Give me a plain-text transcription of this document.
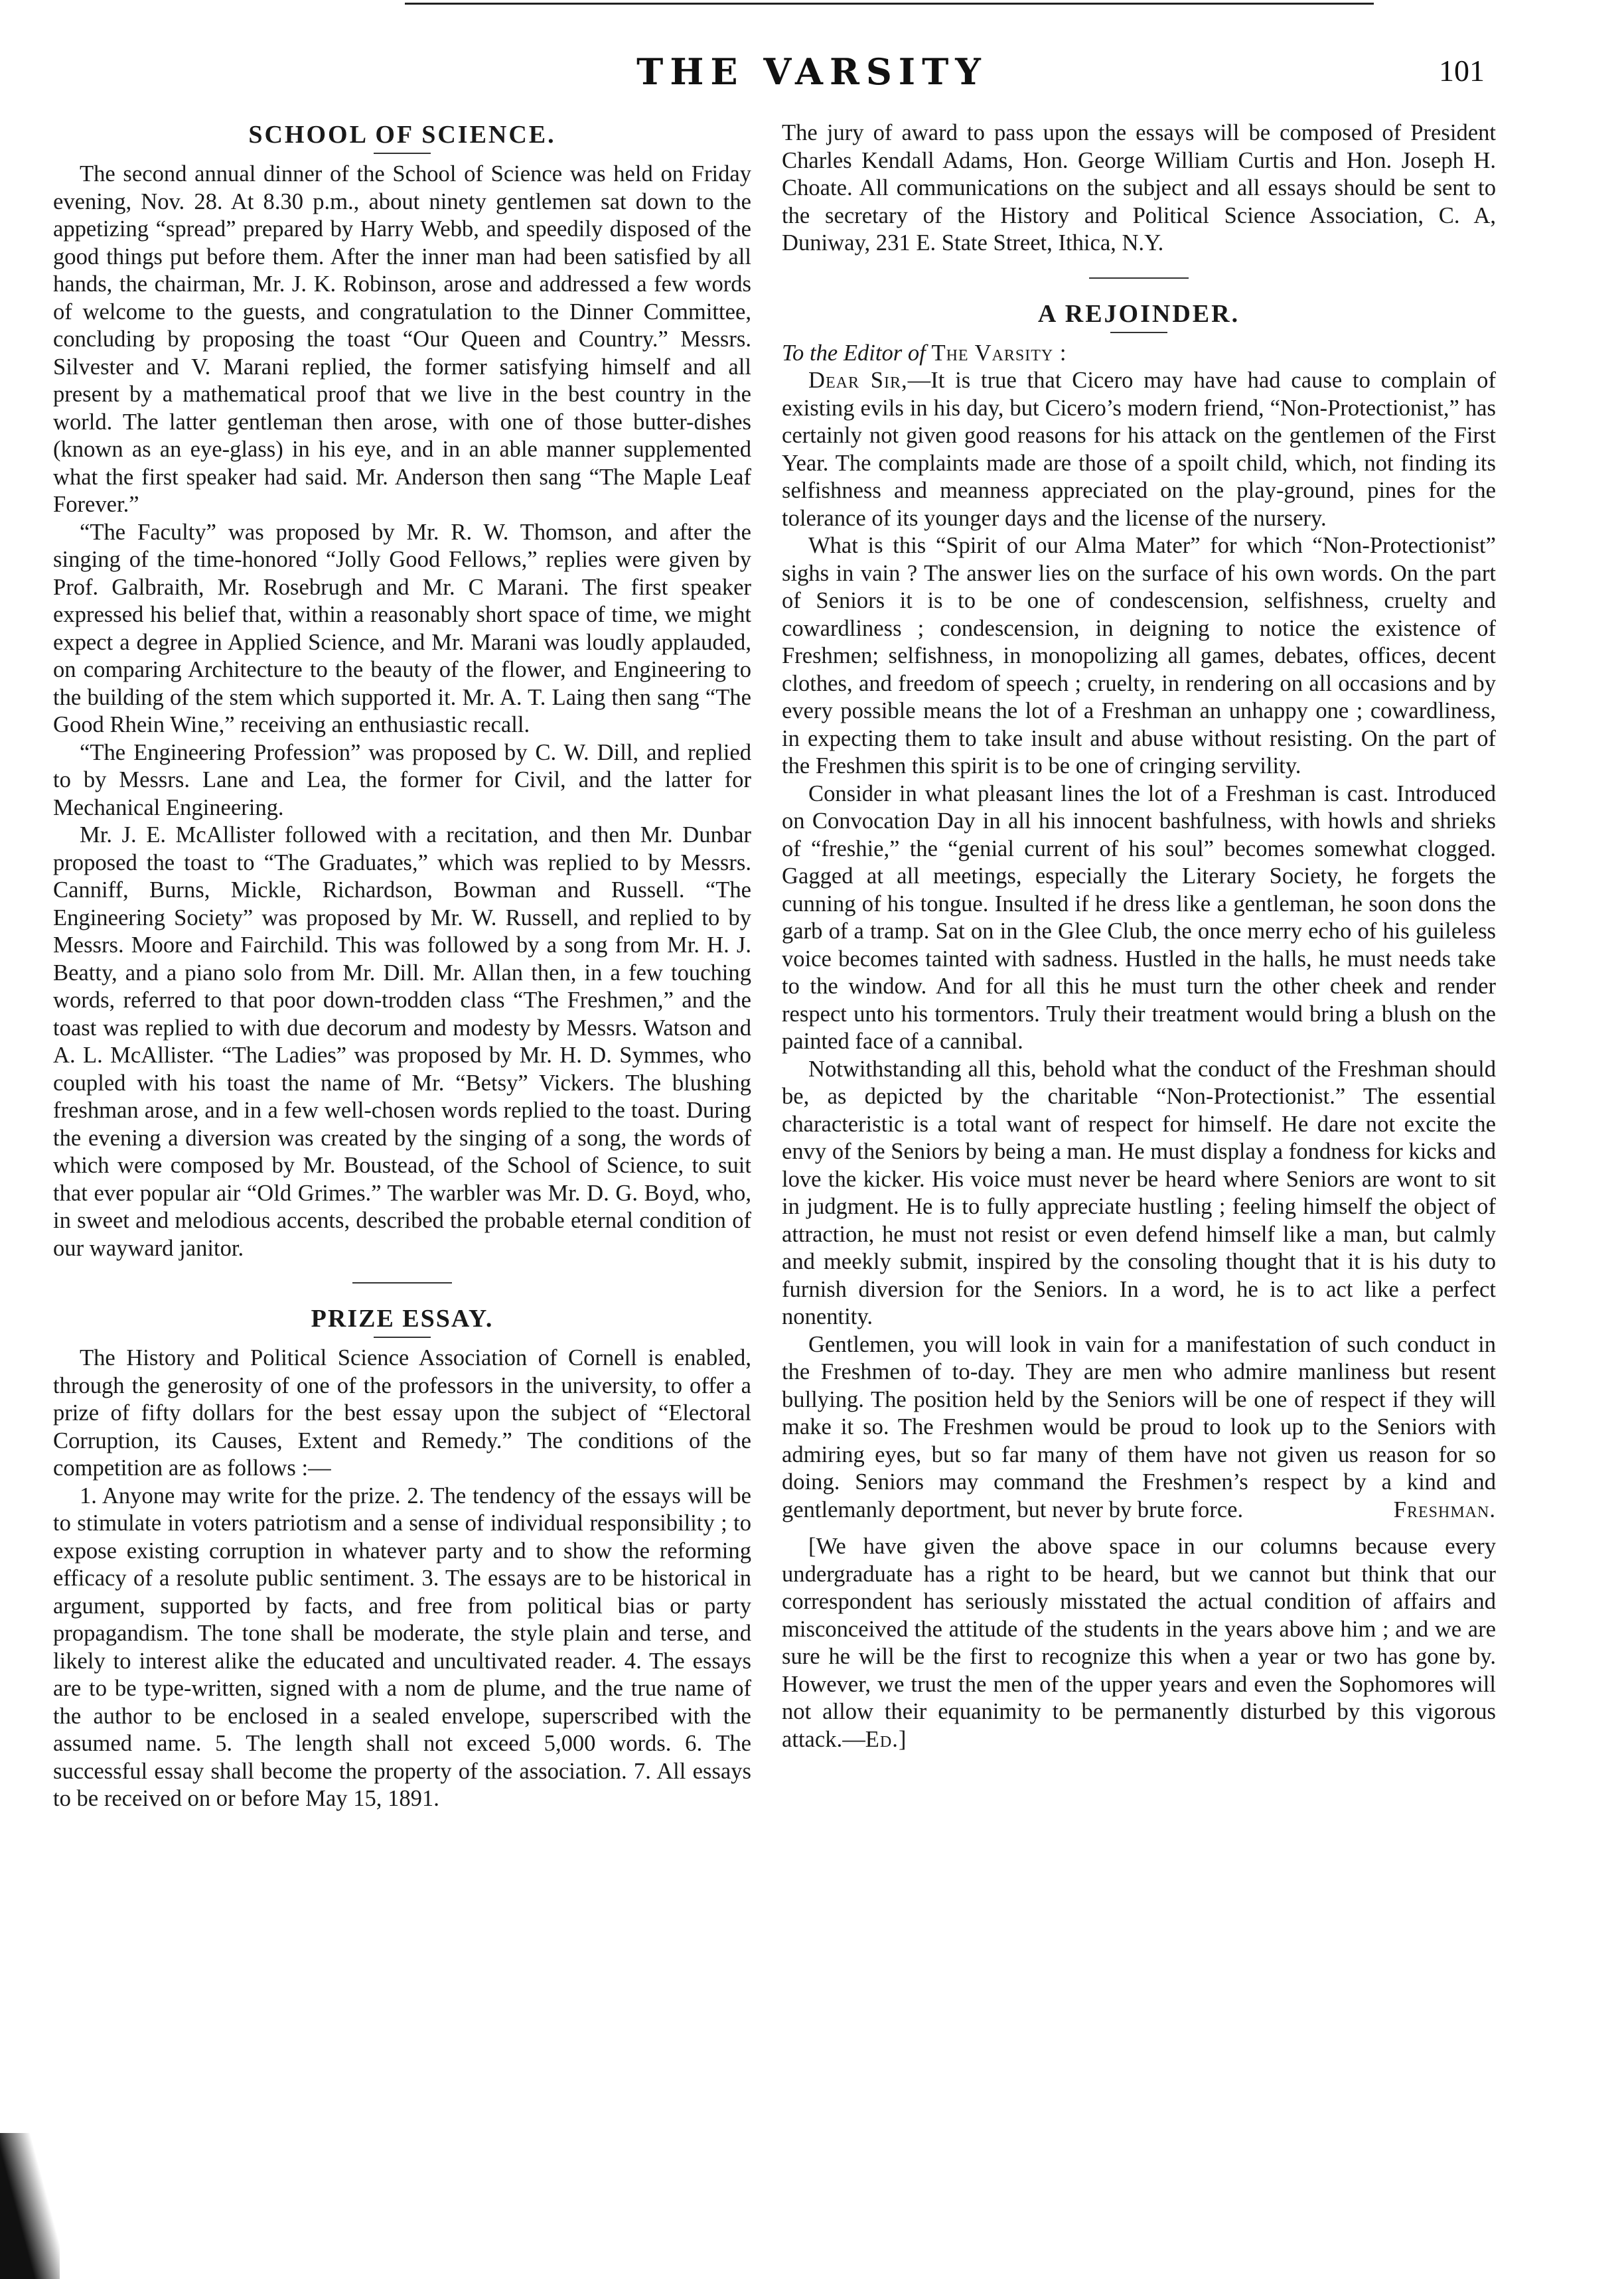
THE VARSITY	101
SCHOOL OF SCIENCE.

The second annual dinner of the School of Science was held on Friday evening, Nov. 28. At 8.30 p.m., about ninety gentlemen sat down to the appetizing “spread” prepared by Harry Webb, and speedily disposed of the good things put before them. After the inner man had been satisfied by all hands, the chairman, Mr. J. K. Robinson, arose and addressed a few words of welcome to the guests, and congratulation to the Dinner Committee, concluding by proposing the toast “Our Queen and Country.” Messrs. Silvester and V. Marani replied, the former satisfying himself and all present by a mathematical proof that we live in the best country in the world. The latter gentleman then arose, with one of those butter-dishes (known as an eye-glass) in his eye, and in an able manner supplemented what the first speaker had said. Mr. Anderson then sang “The Maple Leaf Forever.”

“The Faculty” was proposed by Mr. R. W. Thomson, and after the singing of the time-honored “Jolly Good Fellows,” replies were given by Prof. Galbraith, Mr. Rosebrugh and Mr. C Marani. The first speaker expressed his belief that, within a reasonably short space of time, we might expect a degree in Applied Science, and Mr. Marani was loudly applauded, on comparing Architecture to the beauty of the flower, and Engineering to the building of the stem which supported it. Mr. A. T. Laing then sang “The Good Rhein Wine,” receiving an enthusiastic recall.

“The Engineering Profession” was proposed by C. W. Dill, and replied to by Messrs. Lane and Lea, the former for Civil, and the latter for Mechanical Engineering.

Mr. J. E. McAllister followed with a recitation, and then Mr. Dunbar proposed the toast to “The Graduates,” which was replied to by Messrs. Canniff, Burns, Mickle, Richardson, Bowman and Russell. “The Engineering Society” was proposed by Mr. W. Russell, and replied to by Messrs. Moore and Fairchild. This was followed by a song from Mr. H. J. Beatty, and a piano solo from Mr. Dill. Mr. Allan then, in a few touching words, referred to that poor down-trodden class “The Freshmen,” and the toast was replied to with due decorum and modesty by Messrs. Watson and A. L. McAllister. “The Ladies” was proposed by Mr. H. D. Symmes, who coupled with his toast the name of Mr. “Betsy” Vickers. The blushing freshman arose, and in a few well-chosen words replied to the toast. During the evening a diversion was created by the singing of a song, the words of which were composed by Mr. Boustead, of the School of Science, to suit that ever popular air “Old Grimes.” The warbler was Mr. D. G. Boyd, who, in sweet and melodious accents, described the probable eternal condition of our wayward janitor.

PRIZE ESSAY.

The History and Political Science Association of Cornell is enabled, through the generosity of one of the professors in the university, to offer a prize of fifty dollars for the best essay upon the subject of “Electoral Corruption, its Causes, Extent and Remedy.” The conditions of the competition are as follows :—

1. Anyone may write for the prize. 2. The tendency of the essays will be to stimulate in voters patriotism and a sense of individual responsibility ; to expose existing corruption in whatever party and to show the reforming efficacy of a resolute public sentiment. 3. The essays are to be historical in argument, supported by facts, and free from political bias or party propagandism. The tone shall be moderate, the style plain and terse, and likely to interest alike the educated and uncultivated reader. 4. The essays are to be type-written, signed with a nom de plume, and the true name of the author to be enclosed in a sealed envelope, superscribed with the assumed name. 5. The length shall not exceed 5,000 words. 6. The successful essay shall become the property of the association. 7. All essays to be received on or before May 15, 1891.

The jury of award to pass upon the essays will be composed of President Charles Kendall Adams, Hon. George William Curtis and Hon. Joseph H. Choate. All communications on the subject and all essays should be sent to the secretary of the History and Political Science Association, C. A, Duniway, 231 E. State Street, Ithica, N.Y.

A REJOINDER.

To the Editor of The Varsity :

Dear Sir,—It is true that Cicero may have had cause to complain of existing evils in his day, but Cicero’s modern friend, “Non-Protectionist,” has certainly not given good reasons for his attack on the gentlemen of the First Year. The complaints made are those of a spoilt child, which, not finding its selfishness and meanness appreciated on the play-ground, pines for the tolerance of its younger days and the license of the nursery.

What is this “Spirit of our Alma Mater” for which “Non-Protectionist” sighs in vain ? The answer lies on the surface of his own words. On the part of Seniors it is to be one of condescension, selfishness, cruelty and cowardliness ; condescension, in deigning to notice the existence of Freshmen; selfishness, in monopolizing all games, debates, offices, decent clothes, and freedom of speech ; cruelty, in rendering on all occasions and by every possible means the lot of a Freshman an unhappy one ; cowardliness, in expecting them to take insult and abuse without resisting. On the part of the Freshmen this spirit is to be one of cringing servility.

Consider in what pleasant lines the lot of a Freshman is cast. Introduced on Convocation Day in all his innocent bashfulness, with howls and shrieks of “freshie,” the “genial current of his soul” becomes somewhat clogged. Gagged at all meetings, especially the Literary Society, he forgets the cunning of his tongue. Insulted if he dress like a gentleman, he soon dons the garb of a tramp. Sat on in the Glee Club, the once merry echo of his guileless voice becomes tainted with sadness. Hustled in the halls, he must needs take to the window. And for all this he must turn the other cheek and render respect unto his tormentors. Truly their treatment would bring a blush on the painted face of a cannibal.

Notwithstanding all this, behold what the conduct of the Freshman should be, as depicted by the charitable “Non-Protectionist.” The essential characteristic is a total want of respect for himself. He dare not excite the envy of the Seniors by being a man. He must display a fondness for kicks and love the kicker. His voice must never be heard where Seniors are wont to sit in judgment. He is to fully appreciate hustling ; feeling himself the object of attraction, he must not resist or even defend himself like a man, but calmly and meekly submit, inspired by the consoling thought that it is his duty to furnish diversion for the Seniors. In a word, he is to act like a perfect nonentity.

Gentlemen, you will look in vain for a manifestation of such conduct in the Freshmen of to-day. They are men who admire manliness but resent bullying. The position held by the Seniors will be one of respect if they will make it so. The Freshmen would be proud to look up to the Seniors with admiring eyes, but so far many of them have not given us reason for so doing. Seniors may command the Freshmen’s respect by a kind and gentlemanly deportment, but never by brute force.	Freshman.

[We have given the above space in our columns because every undergraduate has a right to be heard, but we cannot but think that our correspondent has seriously misstated the actual condition of affairs and misconceived the attitude of the students in the years above him ; and we are sure he will be the first to recognize this when a year or two has gone by. However, we trust the men of the upper years and even the Sophomores will not allow their equanimity to be permanently disturbed by this vigorous attack.—Ed.]
